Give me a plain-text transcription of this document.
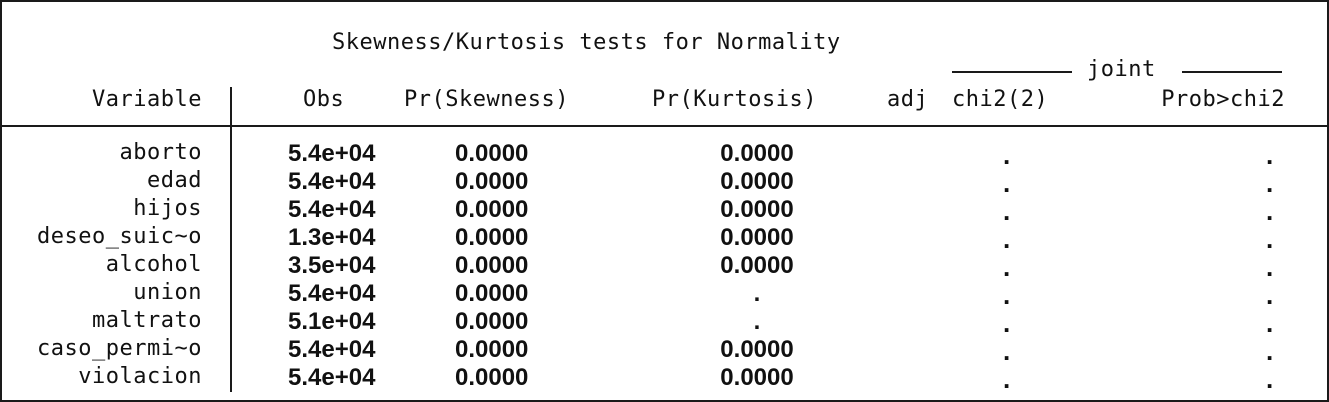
Skewness/Kurtosis tests for Normality
joint
Variable	Obs	Pr(Skewness)	Pr(Kurtosis)	adj chi2(2)	Prob>chi2
aborto	5.4e+04	0.0000	0.0000	.	.
edad	5.4e+04	0.0000	0.0000	.	.
hijos	5.4e+04	0.0000	0.0000	.	.
deseo_suic~o	1.3e+04	0.0000	0.0000	.	.
alcohol	3.5e+04	0.0000	0.0000	.	.
union	5.4e+04	0.0000	.	.	.
maltrato	5.1e+04	0.0000	.	.	.
caso_permi~o	5.4e+04	0.0000	0.0000	.	.
violacion	5.4e+04	0.0000	0.0000	.	.
